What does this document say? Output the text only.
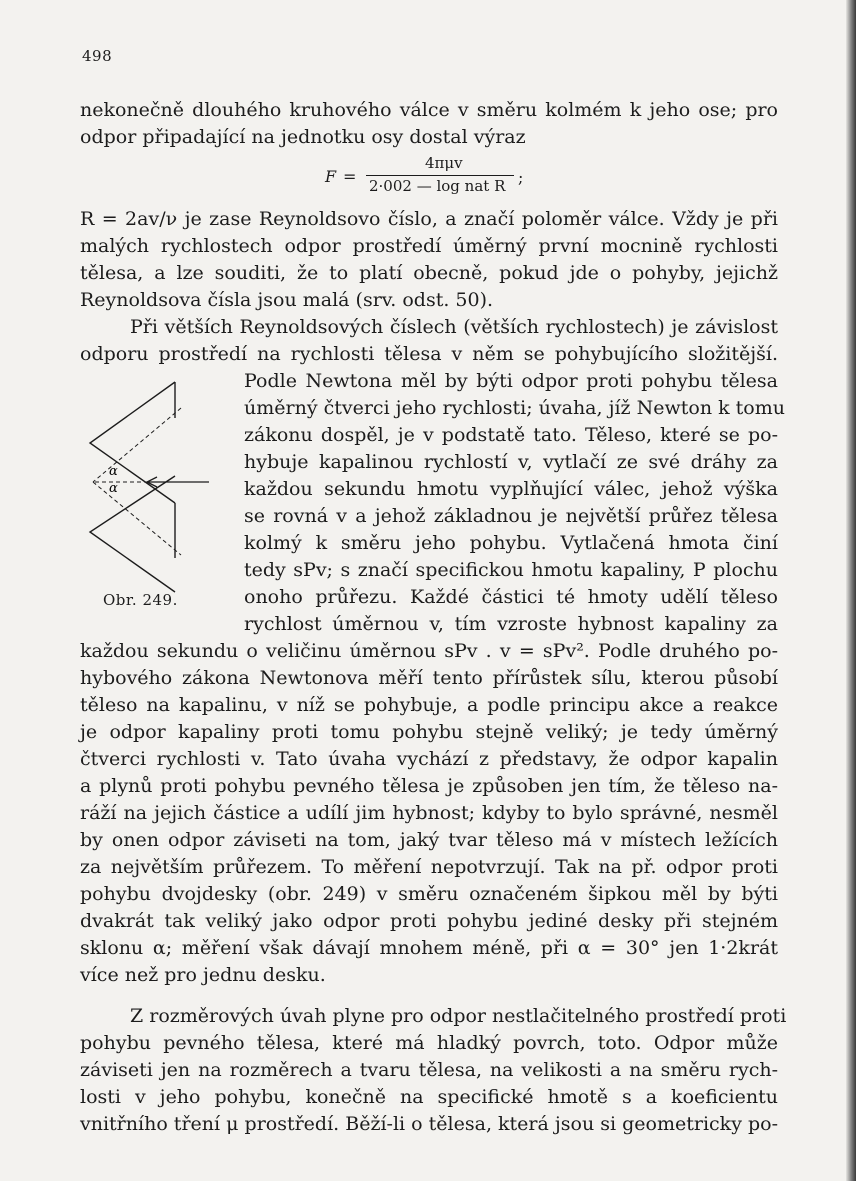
498
nekonečně dlouhého kruhového válce v směru kolmém k jeho ose; pro
odpor připadající na jednotku osy dostal výraz
F =
4πμv
2·002 — log nat R ;
R = 2av/ν je zase Reynoldsovo číslo, a značí poloměr válce. Vždy je při
malých rychlostech odpor prostředí úměrný první mocnině rychlosti
tělesa, a lze souditi, že to platí obecně, pokud jde o pohyby, jejichž
Reynoldsova čísla jsou malá (srv. odst. 50).
Při větších Reynoldsových číslech (větších rychlostech) je závislost
odporu prostředí na rychlosti tělesa v něm se pohybujícího složitější.
α
α
Podle Newtona měl by býti odpor proti pohybu tělesa
úměrný čtverci jeho rychlosti; úvaha, jíž Newton k tomu
zákonu dospěl, je v podstatě tato. Těleso, které se po-
hybuje kapalinou rychlostí v, vytlačí ze své dráhy za
každou sekundu hmotu vyplňující válec, jehož výška
se rovná v a jehož základnou je největší průřez tělesa
kolmý k směru jeho pohybu. Vytlačená hmota činí
tedy sPv; s značí specifickou hmotu kapaliny, P plochu
onoho průřezu. Každé částici té hmoty udělí těleso
Obr. 249.
rychlost úměrnou v, tím vzroste hybnost kapaliny za
každou sekundu o veličinu úměrnou sPv . v = sPv². Podle druhého po-
hybového zákona Newtonova měří tento přírůstek sílu, kterou působí
těleso na kapalinu, v níž se pohybuje, a podle principu akce a reakce
je odpor kapaliny proti tomu pohybu stejně veliký; je tedy úměrný
čtverci rychlosti v. Tato úvaha vychází z představy, že odpor kapalin
a plynů proti pohybu pevného tělesa je způsoben jen tím, že těleso na-
ráží na jejich částice a udílí jim hybnost; kdyby to bylo správné, nesměl
by onen odpor záviseti na tom, jaký tvar těleso má v místech ležících
za největším průřezem. To měření nepotvrzují. Tak na př. odpor proti
pohybu dvojdesky (obr. 249) v směru označeném šipkou měl by býti
dvakrát tak veliký jako odpor proti pohybu jediné desky při stejném
sklonu α; měření však dávají mnohem méně, při α = 30° jen 1·2krát
více než pro jednu desku.
Z rozměrových úvah plyne pro odpor nestlačitelného prostředí proti
pohybu pevného tělesa, které má hladký povrch, toto. Odpor může
záviseti jen na rozměrech a tvaru tělesa, na velikosti a na směru rych-
losti v jeho pohybu, konečně na specifické hmotě s a koeficientu
vnitřního tření μ prostředí. Běží-li o tělesa, která jsou si geometricky po-
